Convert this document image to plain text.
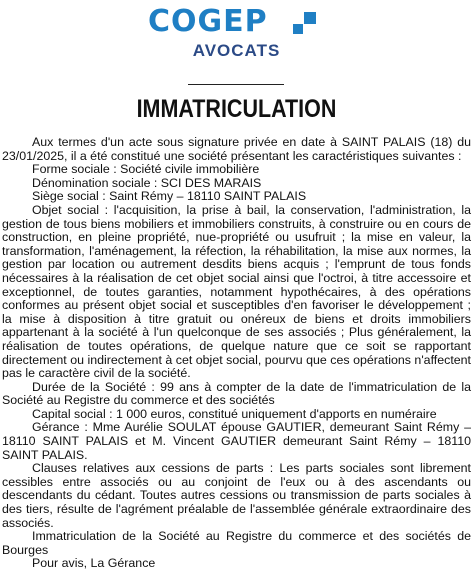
COGEP
AVOCATS
IMMATRICULATION

Aux termes d'un acte sous signature privée en date à SAINT PALAIS (18) du 23/01/2025, il a été constitué une société présentant les caractéristiques suivantes :

Forme sociale : Société civile immobilière

Dénomination sociale : SCI DES MARAIS

Siège social : Saint Rémy – 18110 SAINT PALAIS

Objet social : l'acquisition, la prise à bail, la conservation, l'administration, la gestion de tous biens mobiliers et immobiliers construits, à construire ou en cours de construction, en pleine propriété, nue-propriété ou usufruit ; la mise en valeur, la transformation, l'aménagement, la réfection, la réhabilitation, la mise aux normes, la gestion par location ou autrement desdits biens acquis ; l'emprunt de tous fonds nécessaires à la réalisation de cet objet social ainsi que l'octroi, à titre accessoire et exceptionnel, de toutes garanties, notamment hypothécaires, à des opérations conformes au présent objet social et susceptibles d'en favoriser le développement ; la mise à disposition à titre gratuit ou onéreux de biens et droits immobiliers appartenant à la société à l'un quelconque de ses associés ; Plus généralement, la réalisation de toutes opérations, de quelque nature que ce soit se rapportant directement ou indirectement à cet objet social, pourvu que ces opérations n'affectent pas le caractère civil de la société.

Durée de la Société : 99 ans à compter de la date de l'immatriculation de la Société au Registre du commerce et des sociétés

Capital social : 1 000 euros, constitué uniquement d'apports en numéraire

Gérance : Mme Aurélie SOULAT épouse GAUTIER, demeurant Saint Rémy – 18110 SAINT PALAIS et M. Vincent GAUTIER demeurant Saint Rémy – 18110 SAINT PALAIS.

Clauses relatives aux cessions de parts : Les parts sociales sont librement cessibles entre associés ou au conjoint de l'eux ou à des ascendants ou descendants du cédant. Toutes autres cessions ou transmission de parts sociales à des tiers, résulte de l'agrément préalable de l'assemblée générale extraordinaire des associés.

Immatriculation de la Société au Registre du commerce et des sociétés de Bourges

Pour avis, La Gérance
